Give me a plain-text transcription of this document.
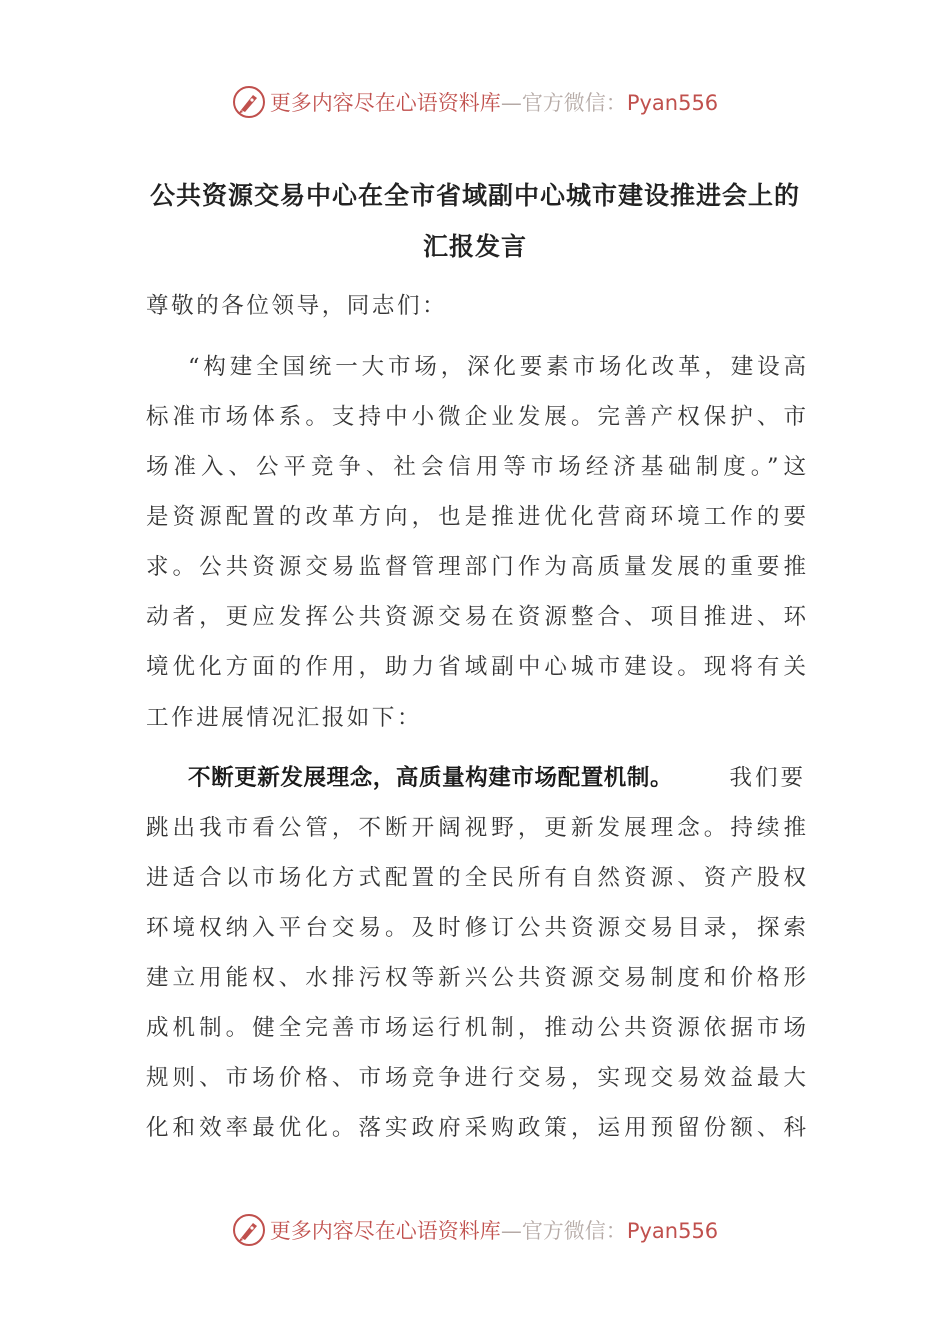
更多内容尽在心语资料库—官方微信：Pyan556
公共资源交易中心在全市省域副中心城市建设推进会上的
汇报发言
尊敬的各位领导，同志们：
“构建全国统一大市场，深化要素市场化改革，建设高
标准市场体系。支持中小微企业发展。完善产权保护、市
场准入、公平竞争、社会信用等市场经济基础制度。”这
是资源配置的改革方向，也是推进优化营商环境工作的要
求。公共资源交易监督管理部门作为高质量发展的重要推
动者，更应发挥公共资源交易在资源整合、项目推进、环
境优化方面的作用，助力省域副中心城市建设。现将有关
工作进展情况汇报如下：
不断更新发展理念，高质量构建市场配置机制。	我们要
跳出我市看公管，不断开阔视野，更新发展理念。持续推
进适合以市场化方式配置的全民所有自然资源、资产股权
环境权纳入平台交易。及时修订公共资源交易目录，探索
建立用能权、水排污权等新兴公共资源交易制度和价格形
成机制。健全完善市场运行机制，推动公共资源依据市场
规则、市场价格、市场竞争进行交易，实现交易效益最大
化和效率最优化。落实政府采购政策，运用预留份额、科
更多内容尽在心语资料库—官方微信：Pyan556
